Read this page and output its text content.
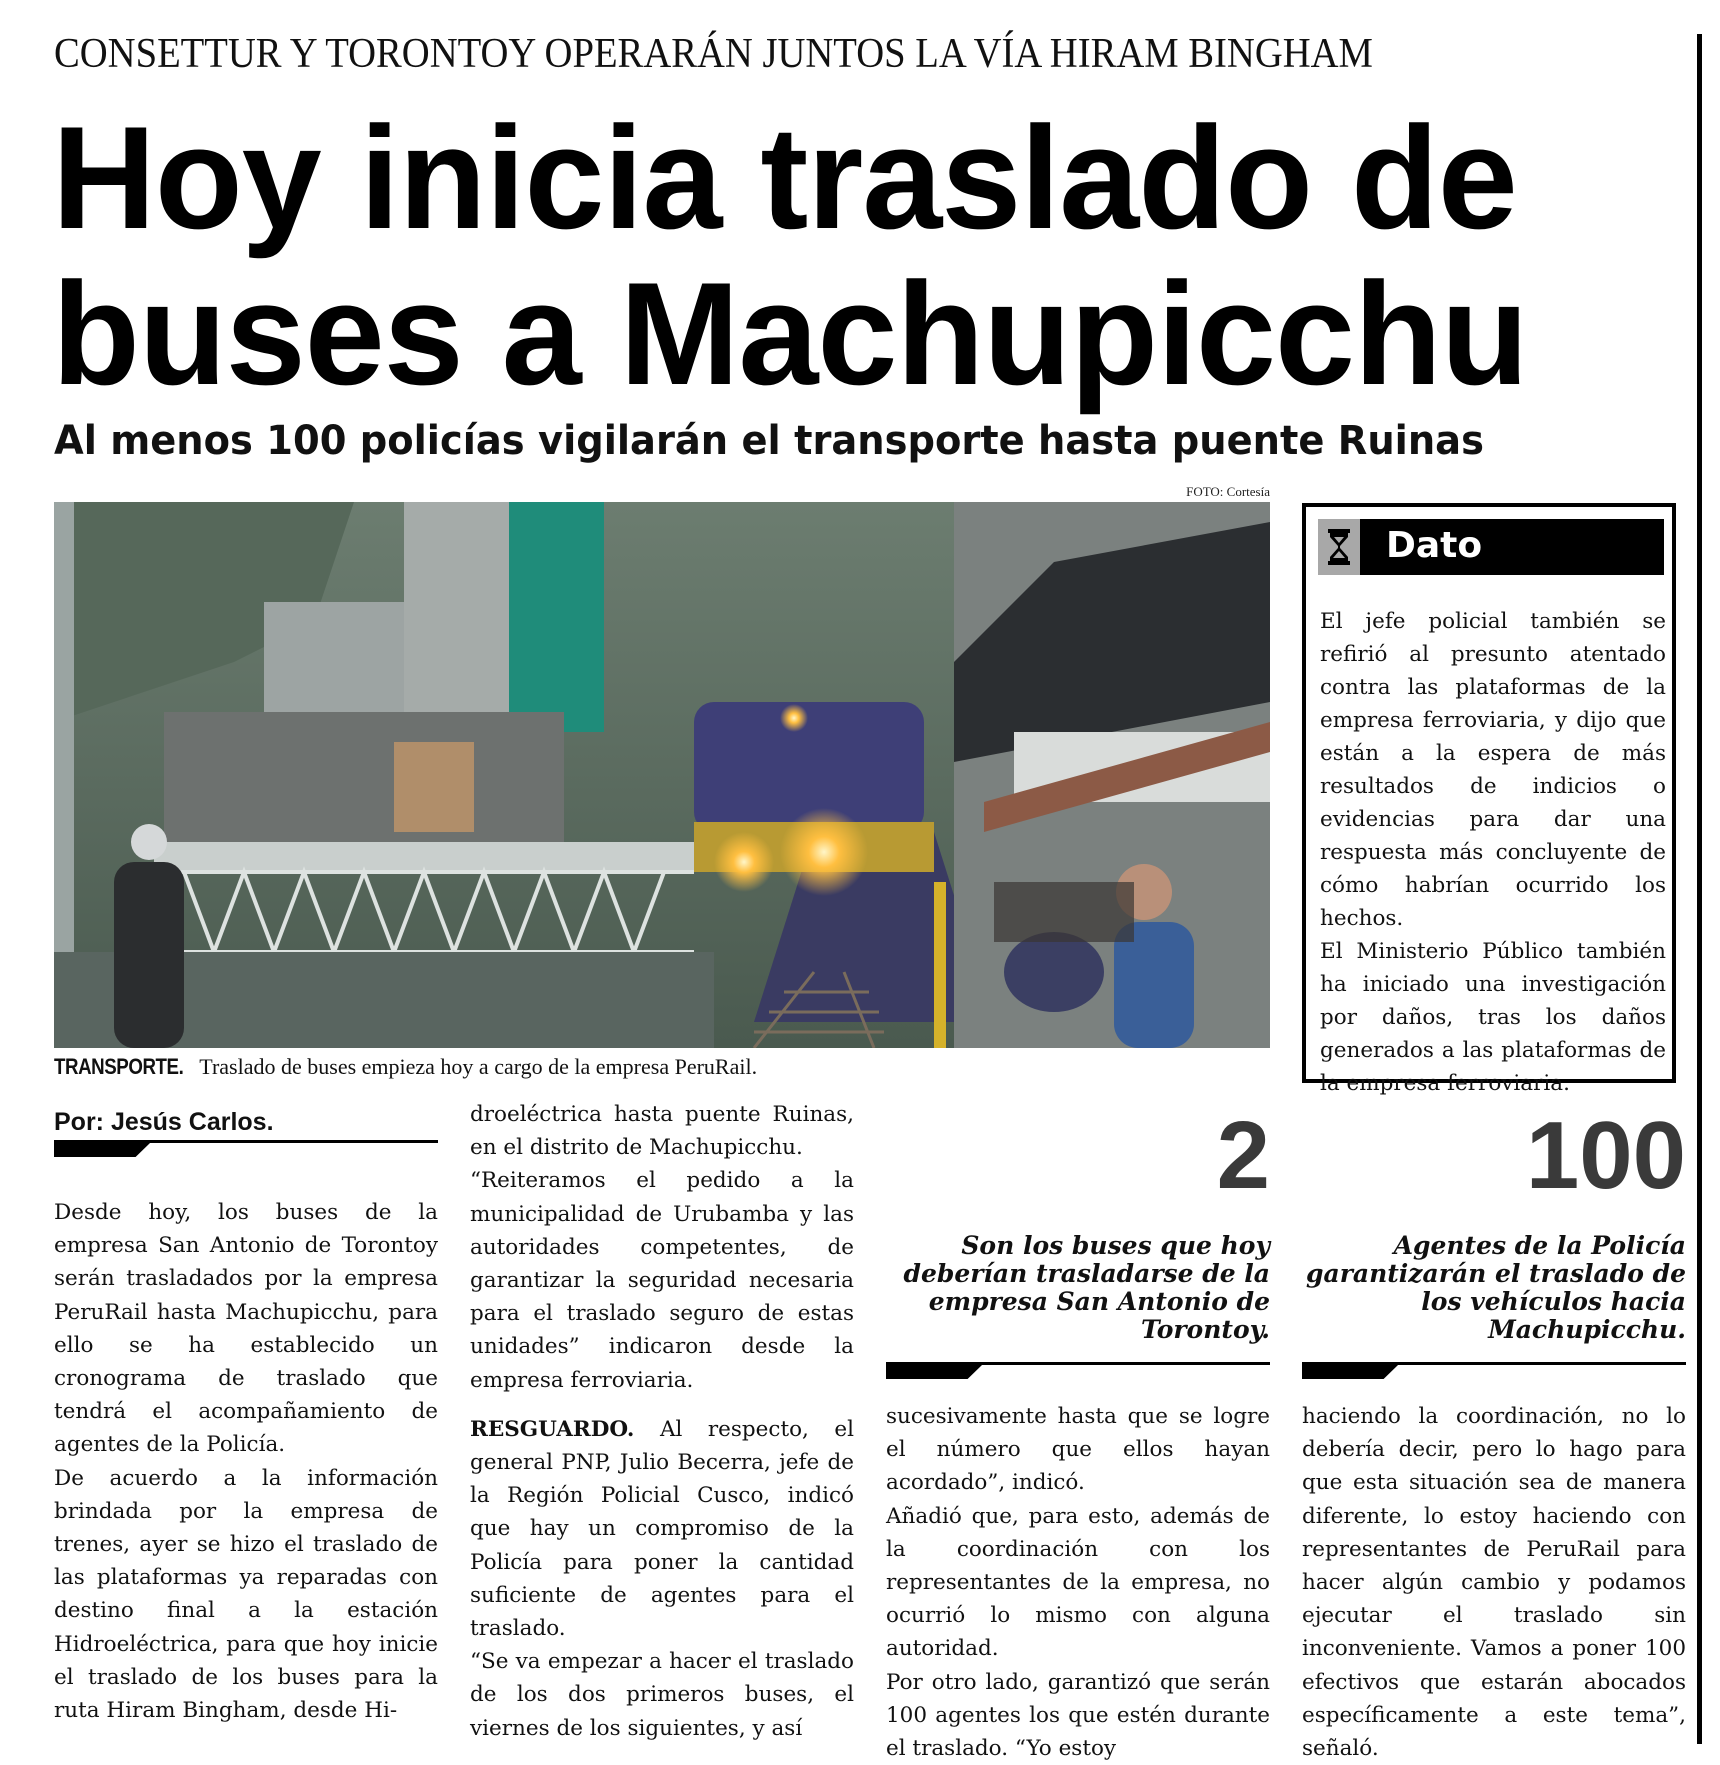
CONSETTUR Y TORONTOY OPERARÁN JUNTOS LA VÍA HIRAM BINGHAM
Hoy inicia traslado de
buses a Machupicchu
Al menos 100 policías vigilarán el transporte hasta puente Ruinas
FOTO: Cortesía
TRANSPORTE. Traslado de buses empieza hoy a cargo de la empresa PeruRail.
Dato

El jefe policial también se refirió al presunto atentado contra las plataformas de la empresa ferroviaria, y dijo que están a la espera de más resultados de indicios o evidencias para dar una respuesta más concluyente de cómo habrían ocurrido los hechos.

El Ministerio Público también ha iniciado una investigación por daños, tras los daños generados a las plataformas de la empresa ferroviaria.

Por: Jesús Carlos.

Desde hoy, los buses de la empresa San Antonio de Torontoy serán trasladados por la empresa PeruRail hasta Machupicchu, para ello se ha establecido un cronograma de traslado que tendrá el acompañamiento de agentes de la Policía.

De acuerdo a la información brindada por la empresa de trenes, ayer se hizo el traslado de las plataformas ya reparadas con destino final a la estación Hidroeléctrica, para que hoy inicie el traslado de los buses para la ruta Hiram Bingham, desde Hi-

droeléctrica hasta puente Ruinas, en el distrito de Machupicchu.

“Reiteramos el pedido a la municipalidad de Urubamba y las autoridades competentes, de garantizar la seguridad necesaria para el traslado seguro de estas unidades” indicaron desde la empresa ferroviaria.

RESGUARDO. Al respecto, el general PNP, Julio Becerra, jefe de la Región Policial Cusco, indicó que hay un compromiso de la Policía para poner la cantidad suficiente de agentes para el traslado.

“Se va empezar a hacer el traslado de los dos primeros buses, el viernes de los siguientes, y así

2
Son los buses que hoy deberían trasladarse de la empresa San Antonio de Torontoy.
100
Agentes de la Policía garantizarán el traslado de los vehículos hacia Machupicchu.

sucesivamente hasta que se logre el número que ellos hayan acordado”, indicó.

Añadió que, para esto, además de la coordinación con los representantes de la empresa, no ocurrió lo mismo con alguna autoridad.

Por otro lado, garantizó que serán 100 agentes los que estén durante el traslado. “Yo estoy

haciendo la coordinación, no lo debería decir, pero lo hago para que esta situación sea de manera diferente, lo estoy haciendo con representantes de PeruRail para hacer algún cambio y podamos ejecutar el traslado sin inconveniente. Vamos a poner 100 efectivos que estarán abocados específicamente a este tema”, señaló.
